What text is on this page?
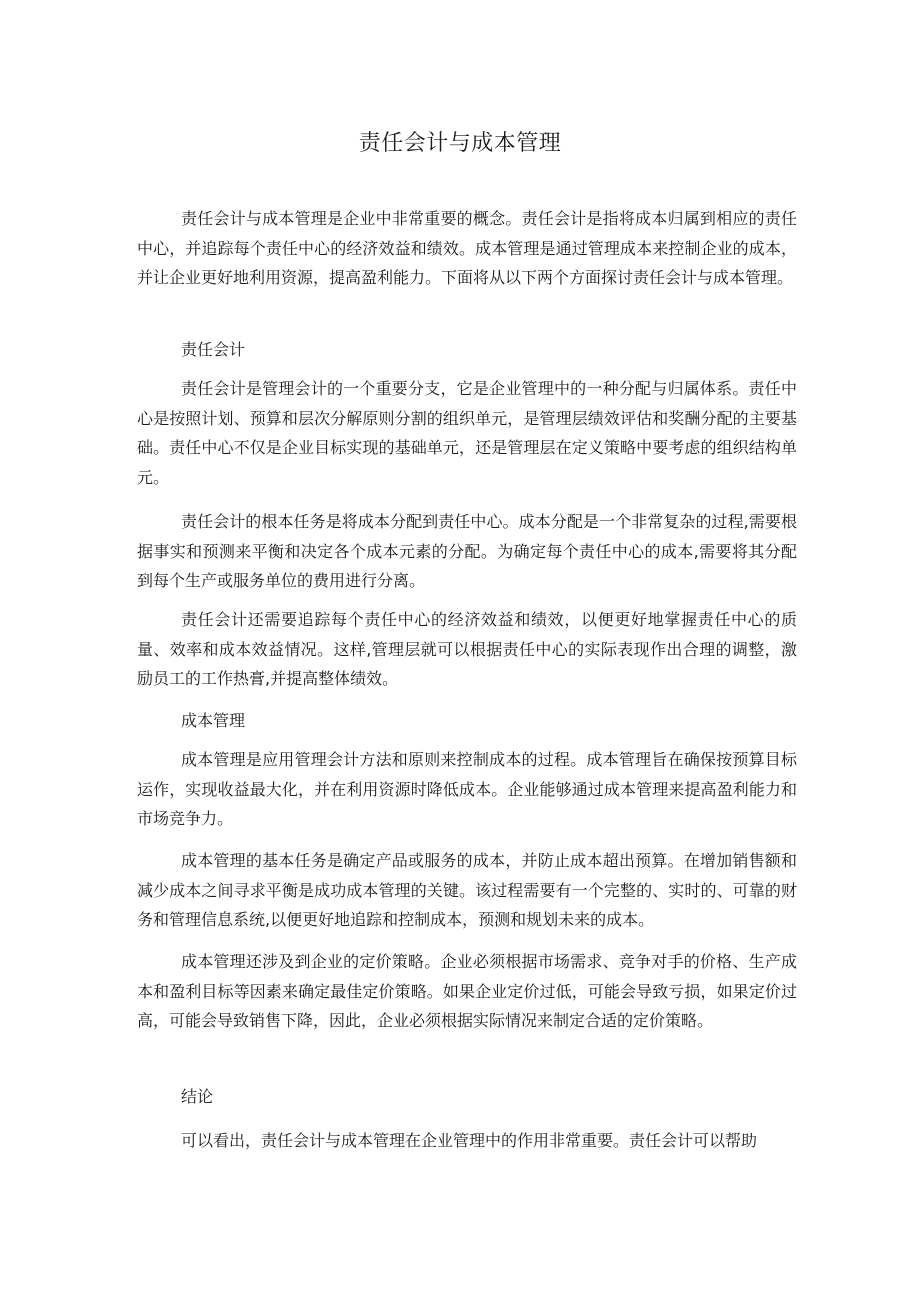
责任会计与成本管理

责任会计与成本管理是企业中非常重要的概念。责任会计是指将成本归属到相应的责任中心，并追踪每个责任中心的经济效益和绩效。成本管理是通过管理成本来控制企业的成本，并让企业更好地利用资源，提高盈利能力。下面将从以下两个方面探讨责任会计与成本管理。

责任会计

责任会计是管理会计的一个重要分支，它是企业管理中的一种分配与归属体系。责任中心是按照计划、预算和层次分解原则分割的组织单元，是管理层绩效评估和奖酬分配的主要基础。责任中心不仅是企业目标实现的基础单元，还是管理层在定义策略中要考虑的组织结构单元。

责任会计的根本任务是将成本分配到责任中心。成本分配是一个非常复杂的过程,需要根据事实和预测来平衡和决定各个成本元素的分配。为确定每个责任中心的成本,需要将其分配到每个生产或服务单位的费用进行分离。

责任会计还需要追踪每个责任中心的经济效益和绩效，以便更好地掌握责任中心的质量、效率和成本效益情况。这样,管理层就可以根据责任中心的实际表现作出合理的调整，激励员工的工作热膏,并提高整体绩效。

成本管理

成本管理是应用管理会计方法和原则来控制成本的过程。成本管理旨在确保按预算目标运作，实现收益最大化，并在利用资源时降低成本。企业能够通过成本管理来提高盈利能力和市场竞争力。

成本管理的基本任务是确定产品或服务的成本，并防止成本超出预算。在增加销售额和减少成本之间寻求平衡是成功成本管理的关键。该过程需要有一个完整的、实时的、可靠的财务和管理信息系统,以便更好地追踪和控制成本，预测和规划未来的成本。

成本管理还涉及到企业的定价策略。企业必须根据市场需求、竞争对手的价格、生产成本和盈利目标等因素来确定最佳定价策略。如果企业定价过低，可能会导致亏损，如果定价过高，可能会导致销售下降，因此，企业必须根据实际情况来制定合适的定价策略。

结论

可以看出，责任会计与成本管理在企业管理中的作用非常重要。责任会计可以帮助
